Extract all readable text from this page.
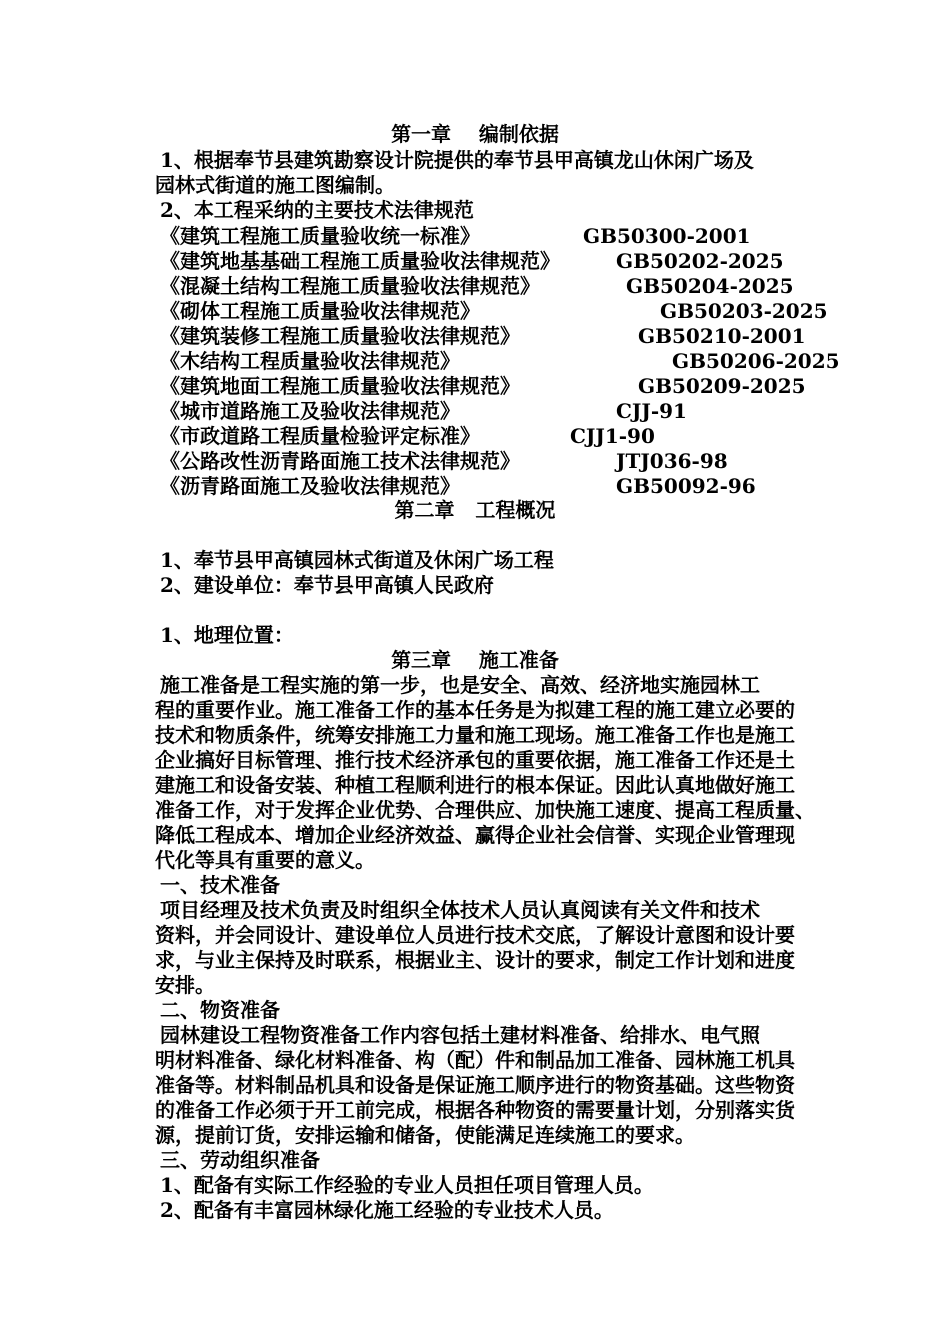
第一章    编制依据
1、根据奉节县建筑勘察设计院提供的奉节县甲高镇龙山休闲广场及
园林式街道的施工图编制。
2、本工程采纳的主要技术法律规范
《建筑工程施工质量验收统一标准》	GB50300-2001
《建筑地基基础工程施工质量验收法律规范》	GB50202-2025
《混凝土结构工程施工质量验收法律规范》	GB50204-2025
《砌体工程施工质量验收法律规范》	GB50203-2025
《建筑装修工程施工质量验收法律规范》	GB50210-2001
《木结构工程质量验收法律规范》	GB50206-2025
《建筑地面工程施工质量验收法律规范》	GB50209-2025
《城市道路施工及验收法律规范》	CJJ-91
《市政道路工程质量检验评定标准》	CJJ1-90
《公路改性沥青路面施工技术法律规范》	JTJ036-98
《沥青路面施工及验收法律规范》	GB50092-96
第二章   工程概况
1、奉节县甲高镇园林式街道及休闲广场工程
2、建设单位：奉节县甲高镇人民政府
1、地理位置：
第三章    施工准备
施工准备是工程实施的第一步，也是安全、高效、经济地实施园林工
程的重要作业。施工准备工作的基本任务是为拟建工程的施工建立必要的
技术和物质条件，统筹安排施工力量和施工现场。施工准备工作也是施工
企业搞好目标管理、推行技术经济承包的重要依据，施工准备工作还是土
建施工和设备安装、种植工程顺利进行的根本保证。因此认真地做好施工
准备工作，对于发挥企业优势、合理供应、加快施工速度、提高工程质量、
降低工程成本、增加企业经济效益、赢得企业社会信誉、实现企业管理现
代化等具有重要的意义。
一、技术准备
项目经理及技术负责及时组织全体技术人员认真阅读有关文件和技术
资料，并会同设计、建设单位人员进行技术交底，了解设计意图和设计要
求，与业主保持及时联系，根据业主、设计的要求，制定工作计划和进度
安排。
二、物资准备
园林建设工程物资准备工作内容包括土建材料准备、给排水、电气照
明材料准备、绿化材料准备、构（配）件和制品加工准备、园林施工机具
准备等。材料制品机具和设备是保证施工顺序进行的物资基础。这些物资
的准备工作必须于开工前完成，根据各种物资的需要量计划，分别落实货
源，提前订货，安排运输和储备，使能满足连续施工的要求。
三、劳动组织准备
1、配备有实际工作经验的专业人员担任项目管理人员。
2、配备有丰富园林绿化施工经验的专业技术人员。
